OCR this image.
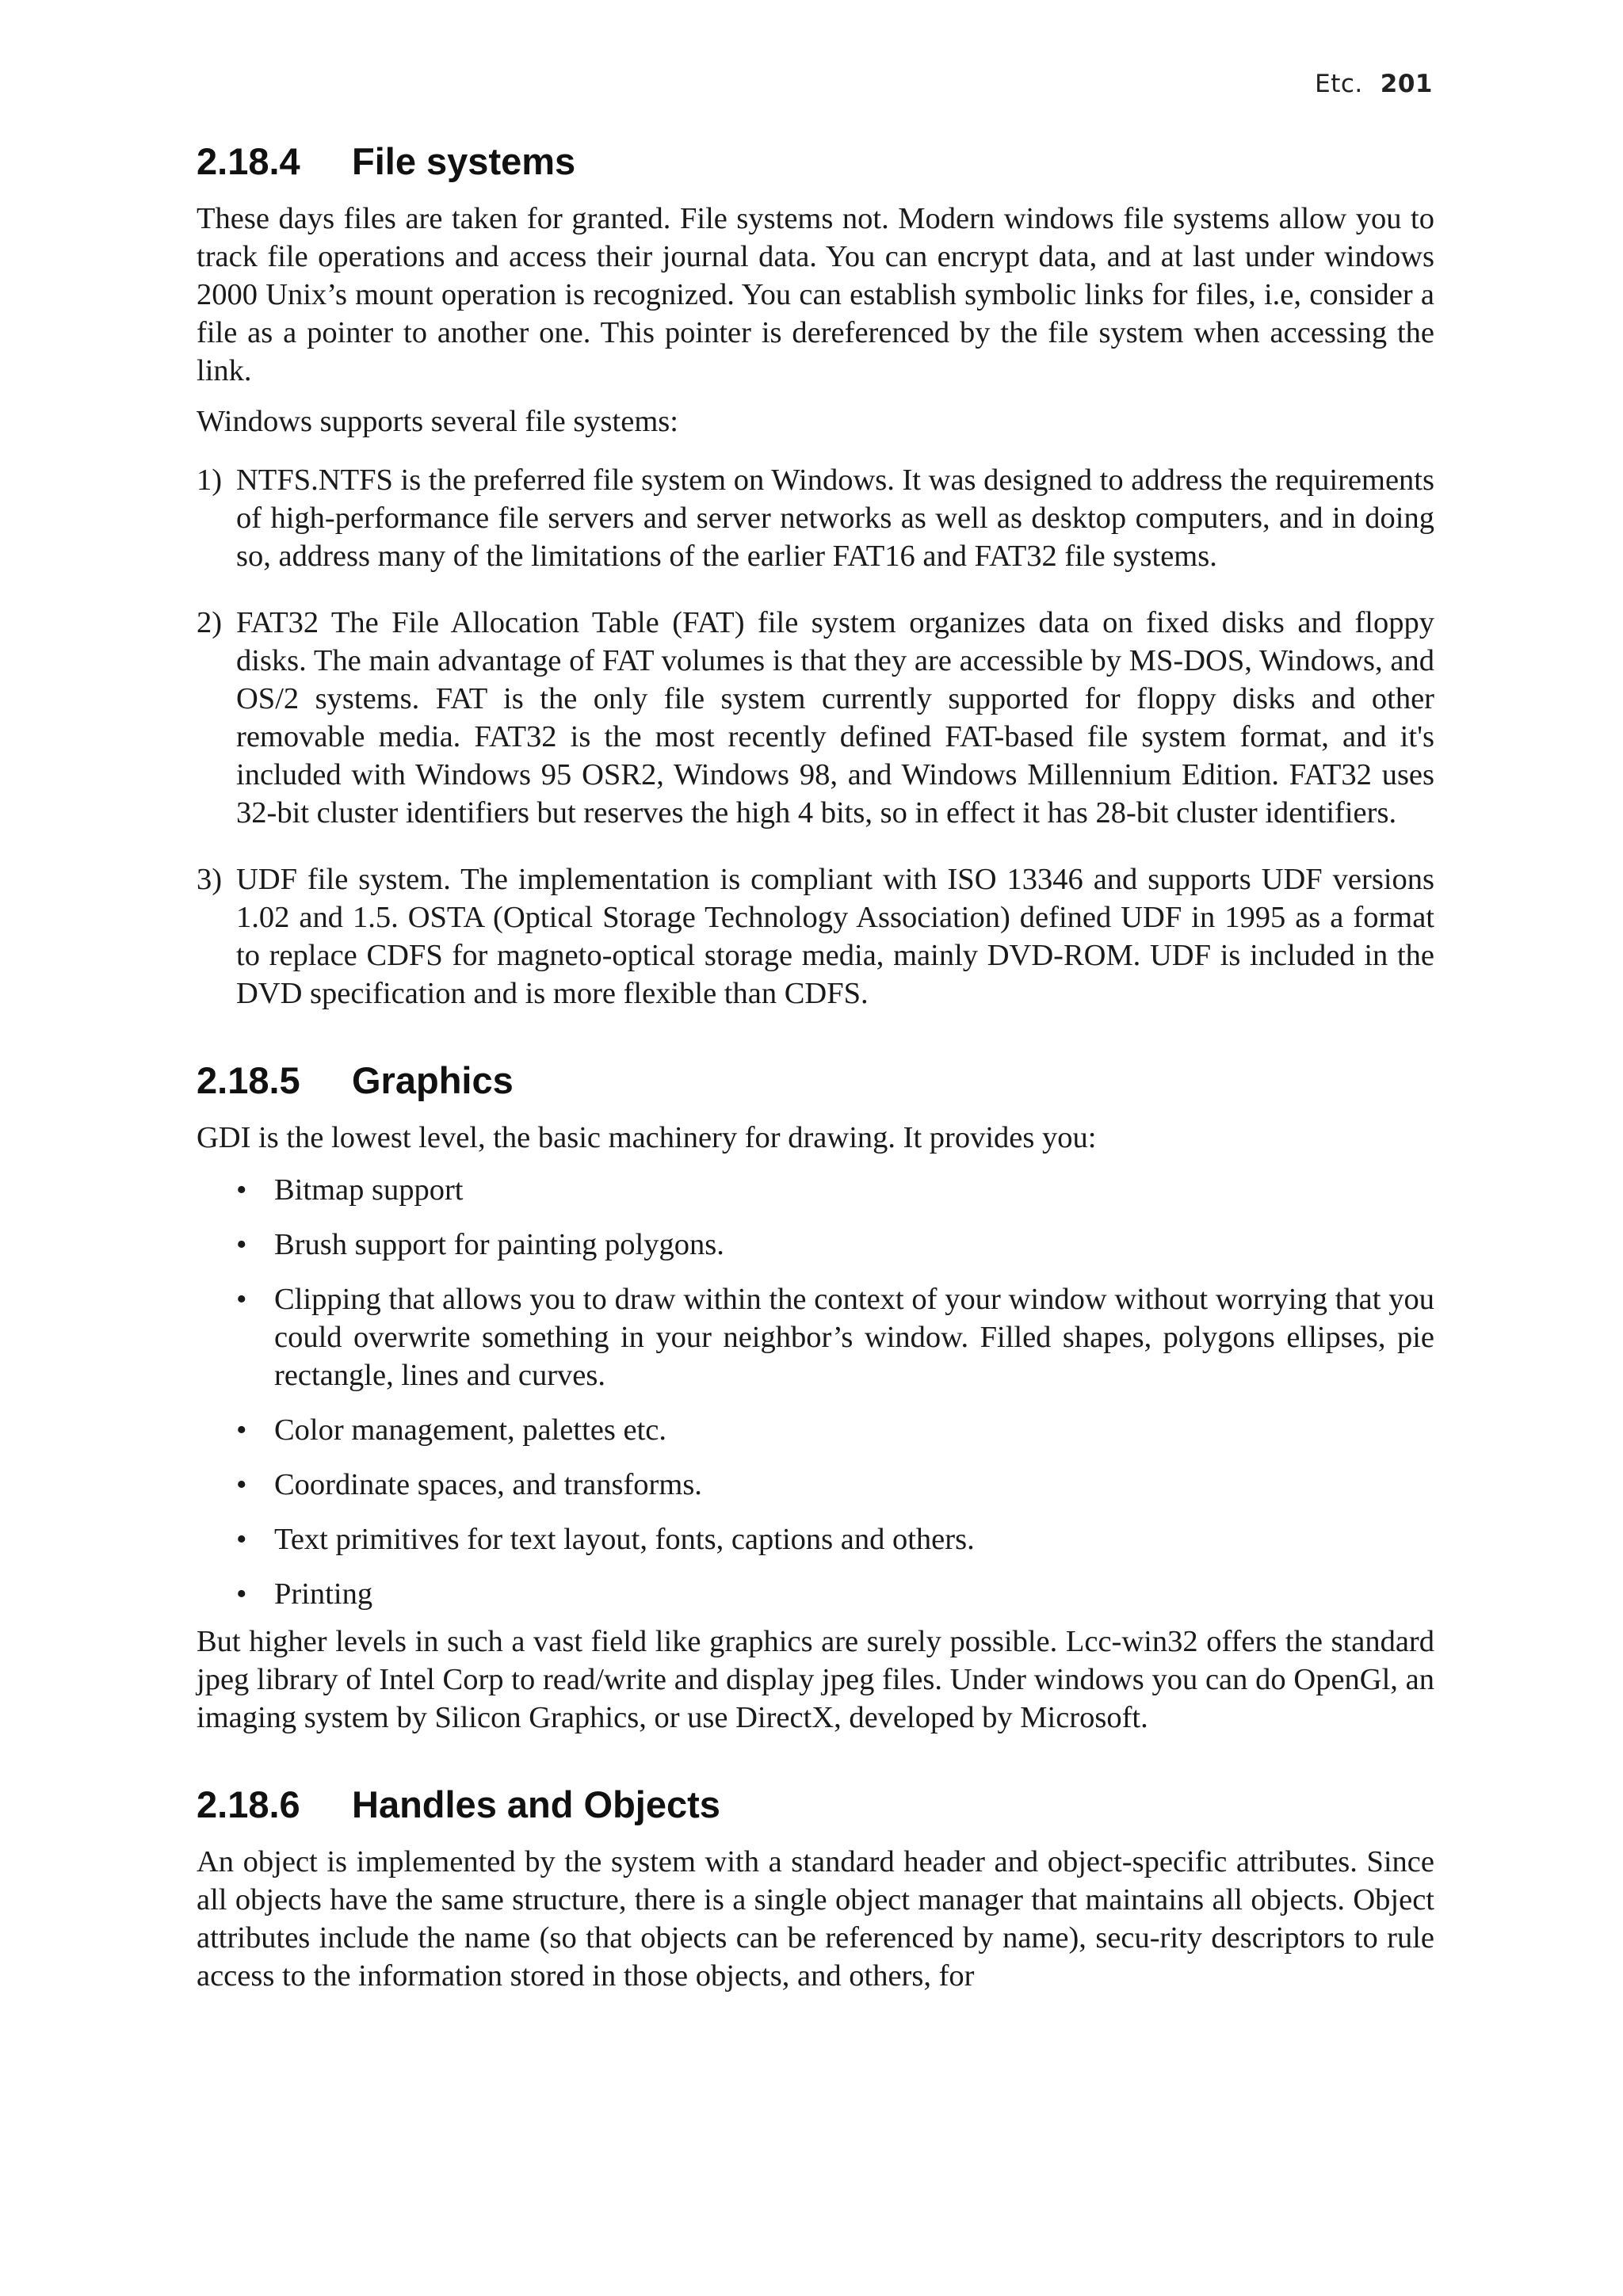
Etc. 201
2.18.4 File systems

These days files are taken for granted. File systems not. Modern windows file systems allow you to track file operations and access their journal data. You can encrypt data, and at last under windows 2000 Unix’s mount operation is recognized. You can establish symbolic links for files, i.e, consider a file as a pointer to another one. This pointer is dereferenced by the file system when accessing the link.

Windows supports several file systems:

1) NTFS.NTFS is the preferred file system on Windows. It was designed to address the requirements of high-performance file servers and server networks as well as desktop computers, and in doing so, address many of the limitations of the earlier FAT16 and FAT32 file systems.
2) FAT32 The File Allocation Table (FAT) file system organizes data on fixed disks and floppy disks. The main advantage of FAT volumes is that they are accessible by MS-DOS, Windows, and OS/2 systems. FAT is the only file system currently supported for floppy disks and other removable media. FAT32 is the most recently defined FAT-based file system format, and it's included with Windows 95 OSR2, Windows 98, and Windows Millennium Edition. FAT32 uses 32-bit cluster identifiers but reserves the high 4 bits, so in effect it has 28-bit cluster identifiers.
3) UDF file system. The implementation is compliant with ISO 13346 and supports UDF versions 1.02 and 1.5. OSTA (Optical Storage Technology Association) defined UDF in 1995 as a format to replace CDFS for magneto-optical storage media, mainly DVD-ROM. UDF is included in the DVD specification and is more flexible than CDFS.
2.18.5 Graphics

GDI is the lowest level, the basic machinery for drawing. It provides you:

• Bitmap support
• Brush support for painting polygons.
• Clipping that allows you to draw within the context of your window without worrying that you could overwrite something in your neighbor’s window. Filled shapes, polygons ellipses, pie rectangle, lines and curves.
• Color management, palettes etc.
• Coordinate spaces, and transforms.
• Text primitives for text layout, fonts, captions and others.
• Printing

But higher levels in such a vast field like graphics are surely possible. Lcc-win32 offers the standard jpeg library of Intel Corp to read/write and display jpeg files. Under windows you can do OpenGl, an imaging system by Silicon Graphics, or use DirectX, developed by Microsoft.

2.18.6 Handles and Objects

An object is implemented by the system with a standard header and object-specific attributes. Since all objects have the same structure, there is a single object manager that maintains all objects. Object attributes include the name (so that objects can be referenced by name), secu-rity descriptors to rule access to the information stored in those objects, and others, for
